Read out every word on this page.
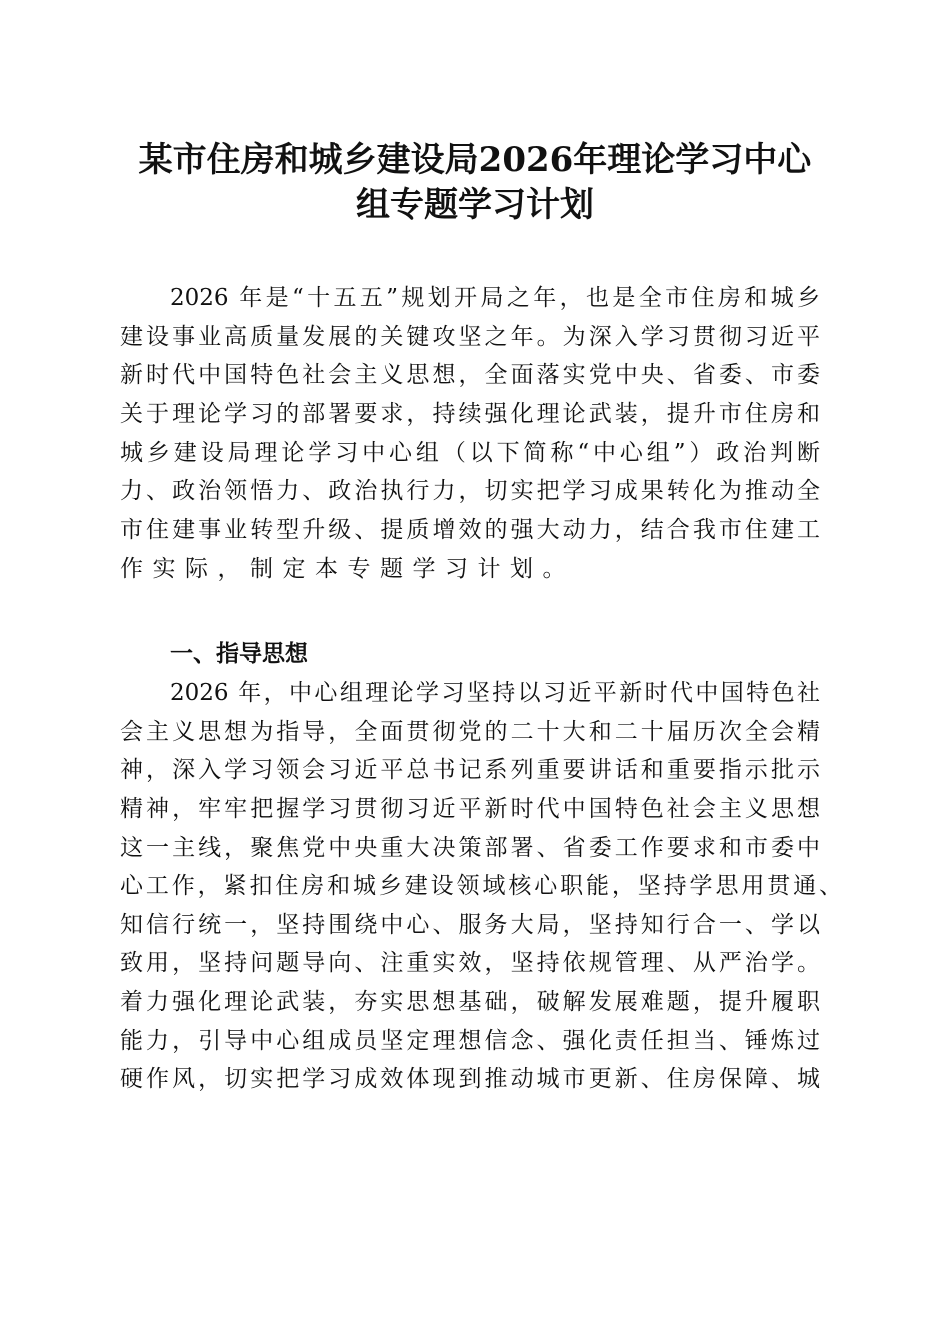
某市住房和城乡建设局2026年理论学习中心
组专题学习计划
2026 年是“十五五”规划开局之年，也是全市住房和城乡
建设事业高质量发展的关键攻坚之年。为深入学习贯彻习近平
新时代中国特色社会主义思想，全面落实党中央、省委、市委
关于理论学习的部署要求，持续强化理论武装，提升市住房和
城乡建设局理论学习中心组（以下简称“中心组”）政治判断
力、政治领悟力、政治执行力，切实把学习成果转化为推动全
市住建事业转型升级、提质增效的强大动力，结合我市住建工
作实际，制定本专题学习计划。
一、指导思想
2026 年，中心组理论学习坚持以习近平新时代中国特色社
会主义思想为指导，全面贯彻党的二十大和二十届历次全会精
神，深入学习领会习近平总书记系列重要讲话和重要指示批示
精神，牢牢把握学习贯彻习近平新时代中国特色社会主义思想
这一主线，聚焦党中央重大决策部署、省委工作要求和市委中
心工作，紧扣住房和城乡建设领域核心职能，坚持学思用贯通、
知信行统一，坚持围绕中心、服务大局，坚持知行合一、学以
致用，坚持问题导向、注重实效，坚持依规管理、从严治学。
着力强化理论武装，夯实思想基础，破解发展难题，提升履职
能力，引导中心组成员坚定理想信念、强化责任担当、锤炼过
硬作风，切实把学习成效体现到推动城市更新、住房保障、城
